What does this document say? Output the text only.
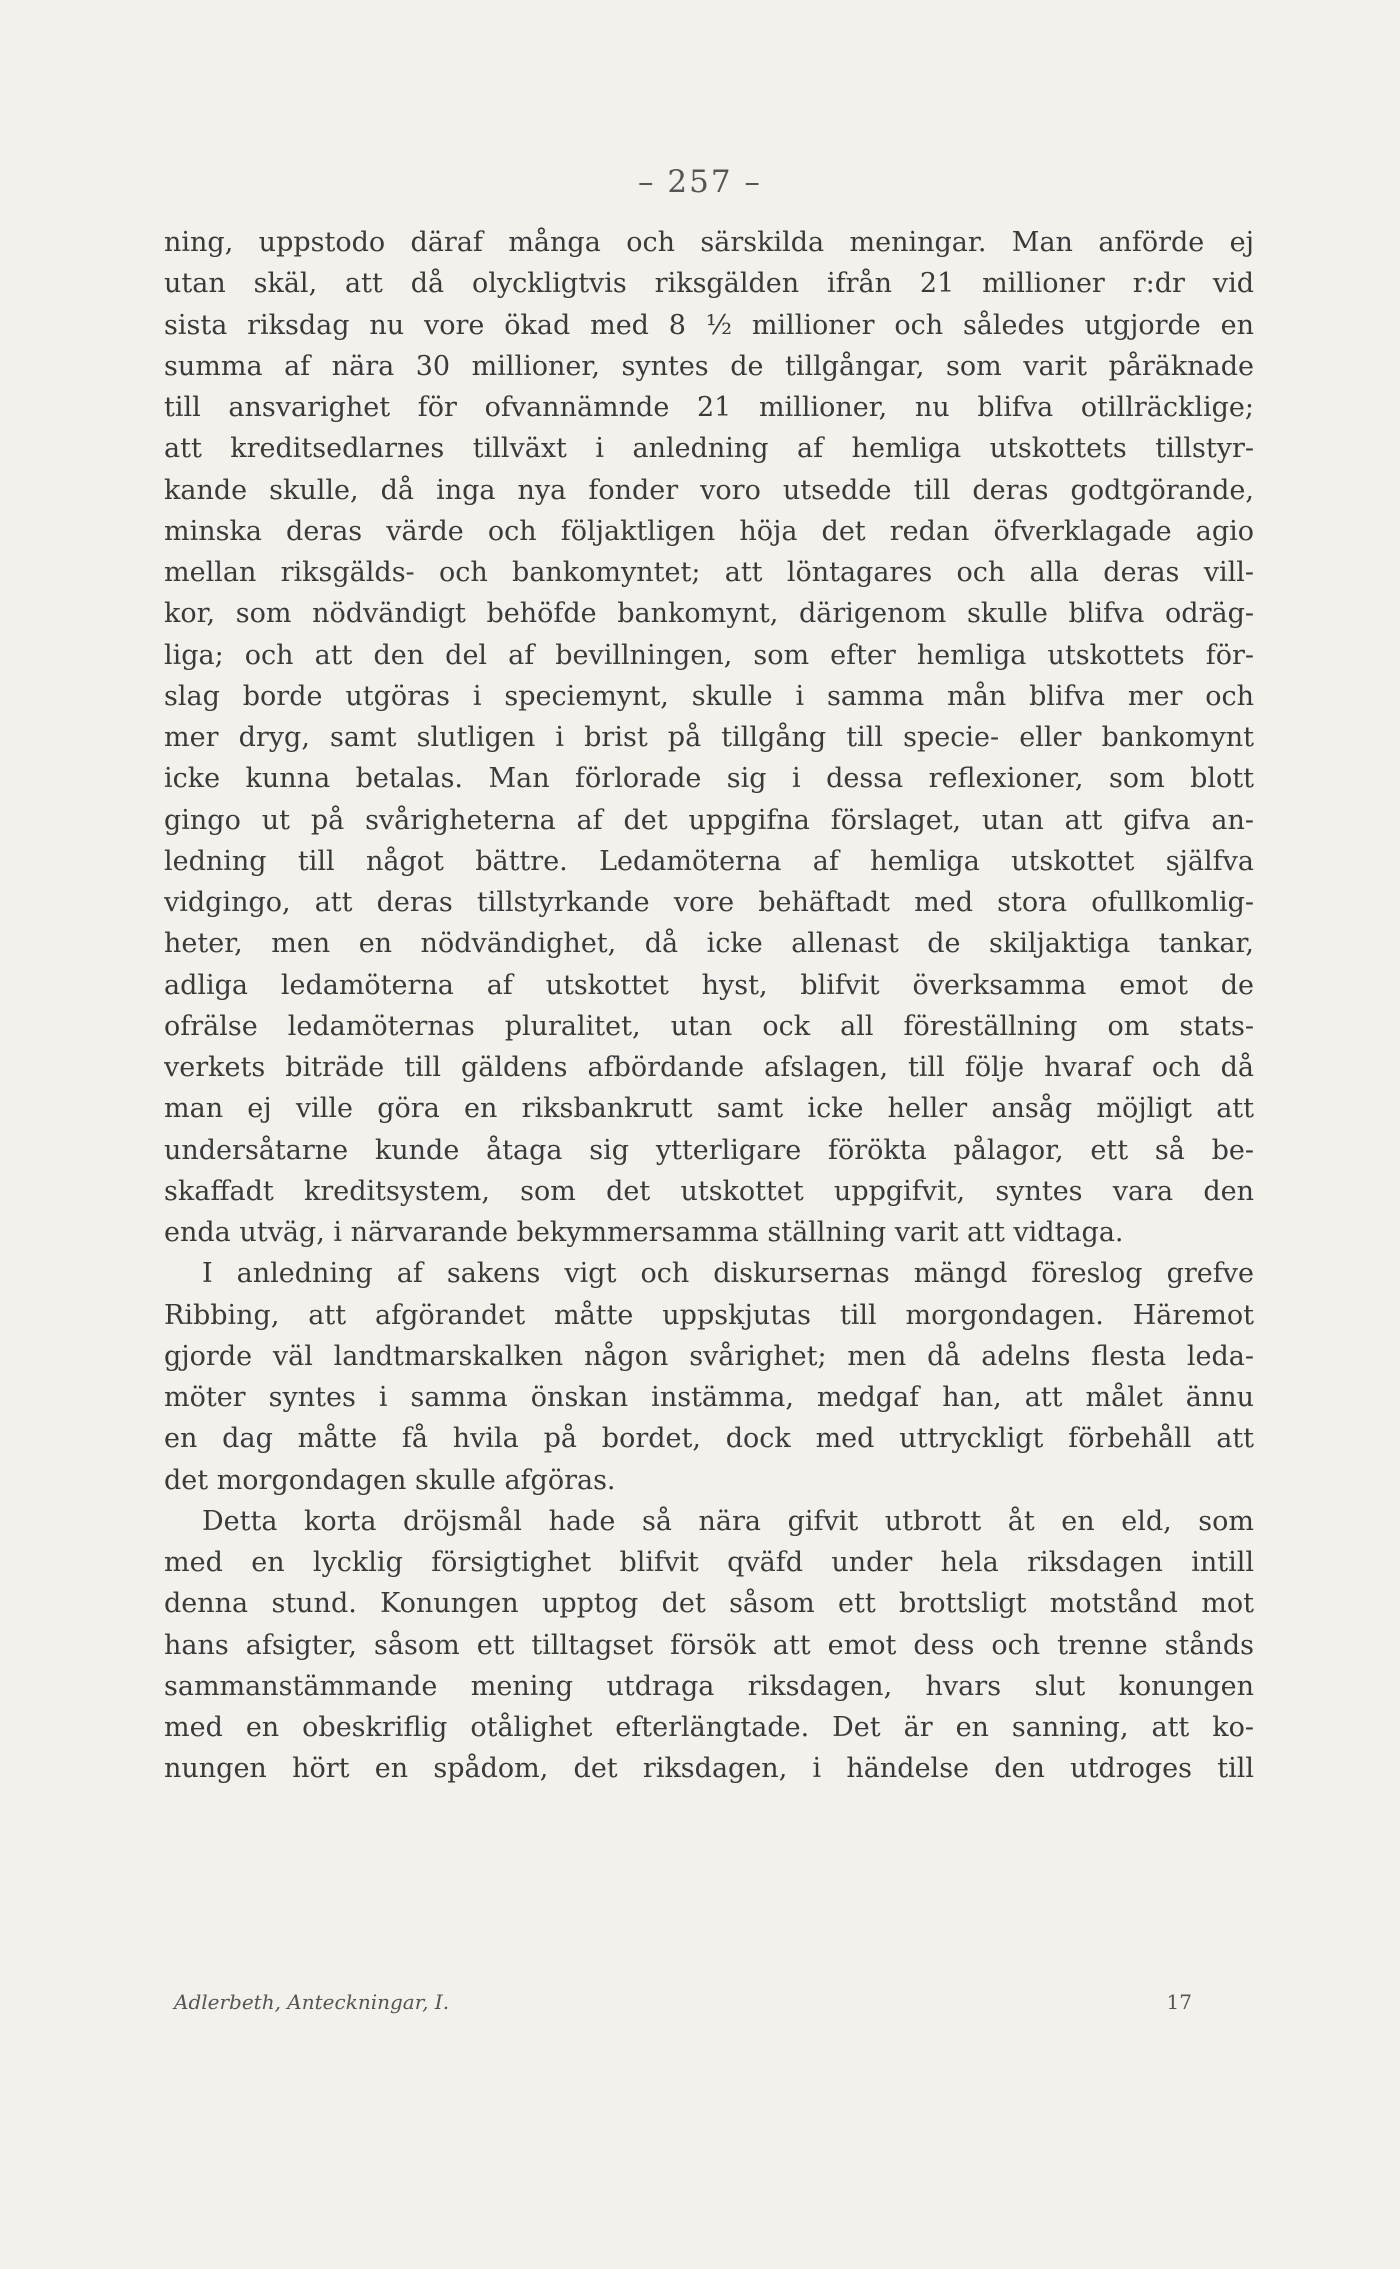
– 257 –
ning, uppstodo däraf många och särskilda meningar. Man anförde ej
utan skäl, att då olyckligtvis riksgälden ifrån 21 millioner r:dr vid
sista riksdag nu vore ökad med 8 ½ millioner och således utgjorde en
summa af nära 30 millioner, syntes de tillgångar, som varit påräknade
till ansvarighet för ofvannämnde 21 millioner, nu blifva otillräcklige;
att kreditsedlarnes tillväxt i anledning af hemliga utskottets tillstyr-
kande skulle, då inga nya fonder voro utsedde till deras godtgörande,
minska deras värde och följaktligen höja det redan öfverklagade agio
mellan riksgälds- och bankomyntet; att löntagares och alla deras vill-
kor, som nödvändigt behöfde bankomynt, därigenom skulle blifva odräg-
liga; och att den del af bevillningen, som efter hemliga utskottets för-
slag borde utgöras i speciemynt, skulle i samma mån blifva mer och
mer dryg, samt slutligen i brist på tillgång till specie- eller bankomynt
icke kunna betalas. Man förlorade sig i dessa reflexioner, som blott
gingo ut på svårigheterna af det uppgifna förslaget, utan att gifva an-
ledning till något bättre. Ledamöterna af hemliga utskottet själfva
vidgingo, att deras tillstyrkande vore behäftadt med stora ofullkomlig-
heter, men en nödvändighet, då icke allenast de skiljaktiga tankar,
adliga ledamöterna af utskottet hyst, blifvit överksamma emot de
ofrälse ledamöternas pluralitet, utan ock all föreställning om stats-
verkets biträde till gäldens afbördande afslagen, till följe hvaraf och då
man ej ville göra en riksbankrutt samt icke heller ansåg möjligt att
undersåtarne kunde åtaga sig ytterligare förökta pålagor, ett så be-
skaffadt kreditsystem, som det utskottet uppgifvit, syntes vara den
enda utväg, i närvarande bekymmersamma ställning varit att vidtaga.
I anledning af sakens vigt och diskursernas mängd föreslog grefve
Ribbing, att afgörandet måtte uppskjutas till morgondagen. Häremot
gjorde väl landtmarskalken någon svårighet; men då adelns flesta leda-
möter syntes i samma önskan instämma, medgaf han, att målet ännu
en dag måtte få hvila på bordet, dock med uttryckligt förbehåll att
det morgondagen skulle afgöras.
Detta korta dröjsmål hade så nära gifvit utbrott åt en eld, som
med en lycklig försigtighet blifvit qväfd under hela riksdagen intill
denna stund. Konungen upptog det såsom ett brottsligt motstånd mot
hans afsigter, såsom ett tilltagset försök att emot dess och trenne stånds
sammanstämmande mening utdraga riksdagen, hvars slut konungen
med en obeskriflig otålighet efterlängtade. Det är en sanning, att ko-
nungen hört en spådom, det riksdagen, i händelse den utdroges till
Adlerbeth, Anteckningar, I.	17
